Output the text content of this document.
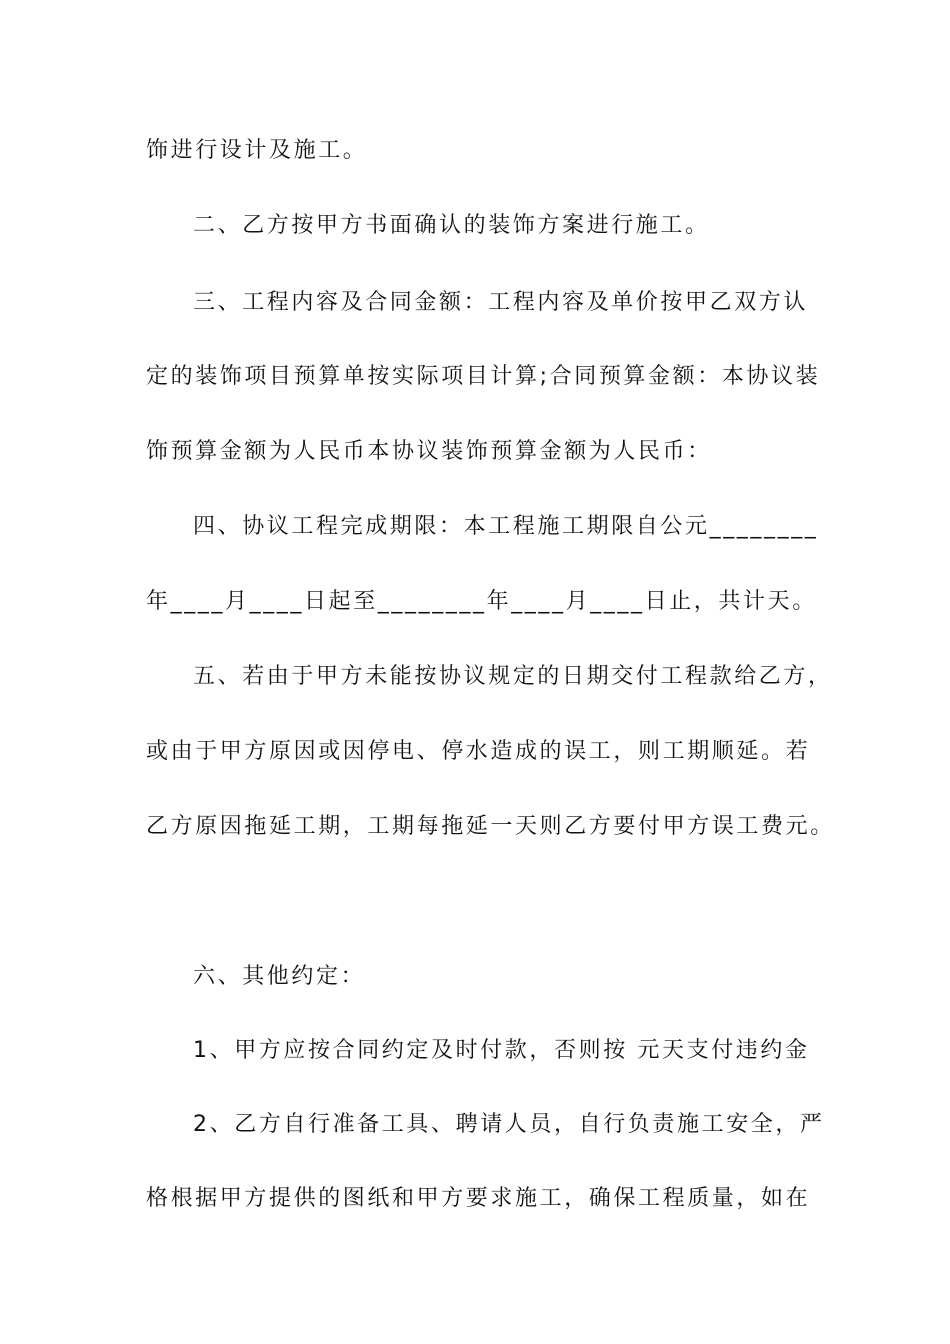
饰进行设计及施工。
二、乙方按甲方书面确认的装饰方案进行施工。
三、工程内容及合同金额：工程内容及单价按甲乙双方认
定的装饰项目预算单按实际项目计算;合同预算金额：本协议装
饰预算金额为人民币本协议装饰预算金额为人民币：
四、协议工程完成期限：本工程施工期限自公元________
年____月____日起至________年____月____日止，共计天。
五、若由于甲方未能按协议规定的日期交付工程款给乙方，
或由于甲方原因或因停电、停水造成的误工，则工期顺延。若
乙方原因拖延工期，工期每拖延一天则乙方要付甲方误工费元。
六、其他约定：
1、甲方应按合同约定及时付款，否则按 元天支付违约金
2、乙方自行准备工具、聘请人员，自行负责施工安全，严
格根据甲方提供的图纸和甲方要求施工，确保工程质量，如在
